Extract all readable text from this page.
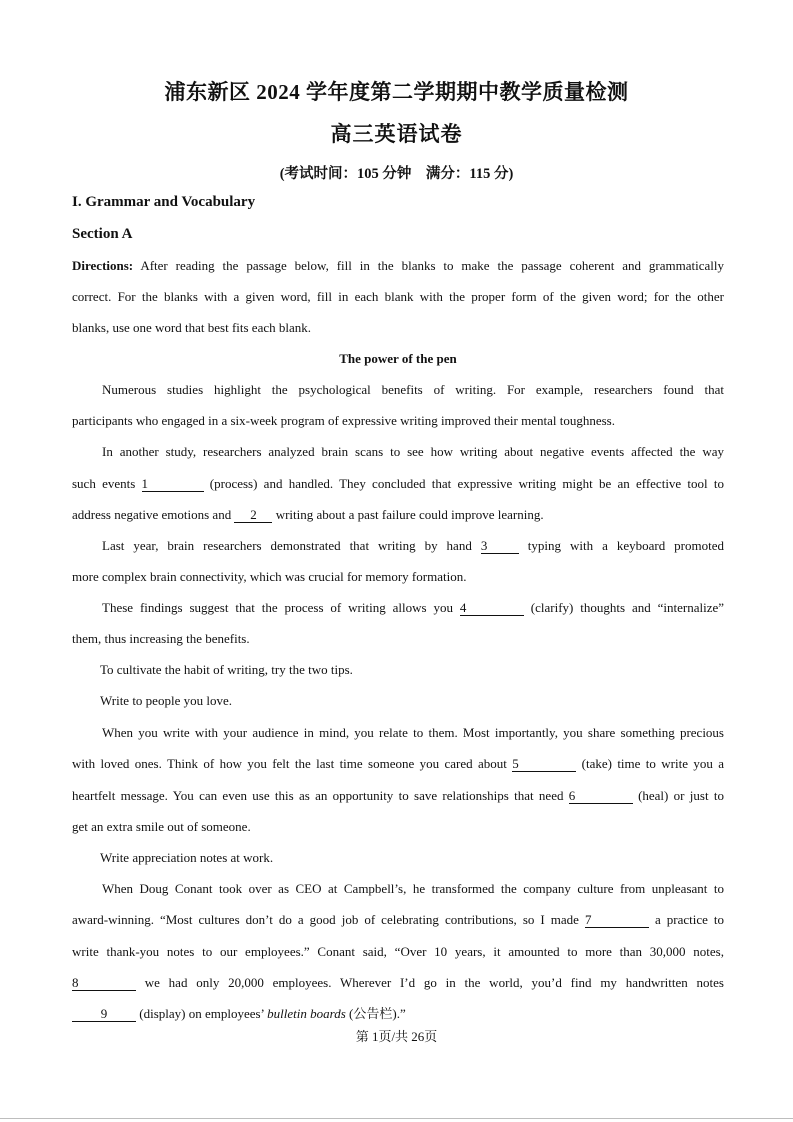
浦东新区 2024 学年度第二学期期中教学质量检测
高三英语试卷
(考试时间：105 分钟　满分：115 分)
I. Grammar and Vocabulary
Section A
Directions: After reading the passage below, fill in the blanks to make the passage coherent and grammatically
correct. For the blanks with a given word, fill in each blank with the proper form of the given word; for the other
blanks, use one word that best fits each blank.
The power of the pen
Numerous studies highlight the psychological benefits of writing. For example, researchers found that
participants who engaged in a six-week program of expressive writing improved their mental toughness.
In another study, researchers analyzed brain scans to see how writing about negative events affected the way
such events 1	(process) and handled. They concluded that expressive writing might be an effective tool to
address negative emotions and 2 writing about a past failure could improve learning.
Last year, brain researchers demonstrated that writing by hand 3	typing with a keyboard promoted
more complex brain connectivity, which was crucial for memory formation.
These findings suggest that the process of writing allows you 4	(clarify) thoughts and “internalize”
them, thus increasing the benefits.
To cultivate the habit of writing, try the two tips.
Write to people you love.
When you write with your audience in mind, you relate to them. Most importantly, you share something precious
with loved ones. Think of how you felt the last time someone you cared about 5	(take) time to write you a
heartfelt message. You can even use this as an opportunity to save relationships that need 6	(heal) or just to
get an extra smile out of someone.
Write appreciation notes at work.
When Doug Conant took over as CEO at Campbell’s, he transformed the company culture from unpleasant to
award-winning. “Most cultures don’t do a good job of celebrating contributions, so I made 7	a practice to
write thank-you notes to our employees.” Conant said, “Over 10 years, it amounted to more than 30,000 notes,
8	we had only 20,000 employees. Wherever I’d go in the world, you’d find my handwritten notes
9 (display) on employees’ bulletin boards (公告栏).”
第 1页/共 26页
